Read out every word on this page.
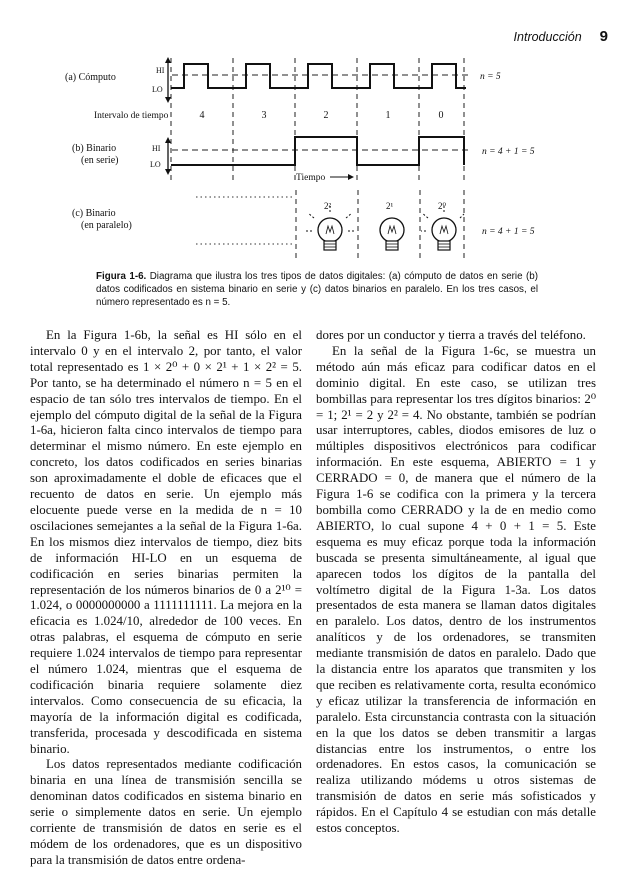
Introducción 9
(a) Cómputo
HI
LO
n = 5
Intervalo de tiempo	4	3	2	1	0
(b) Binario
(en serie)
HI
LO
n = 4 + 1 = 5
Tiempo
(c) Binario
(en paralelo)
2²	2¹	2⁰
n = 4 + 1 = 5
Figura 1-6. Diagrama que ilustra los tres tipos de datos digitales: (a) cómputo de datos en serie (b) datos codificados en sistema binario en serie y (c) datos binarios en paralelo. En los tres casos, el número representado es n = 5.

En la Figura 1-6b, la señal es HI sólo en el intervalo 0 y en el intervalo 2, por tanto, el valor total representado es 1 × 2⁰ + 0 × 2¹ + 1 × 2² = 5. Por tanto, se ha determinado el número n = 5 en el espacio de tan sólo tres intervalos de tiempo. En el ejemplo del cómputo digital de la señal de la Figura 1-6a, hicieron falta cinco intervalos de tiempo para determinar el mismo número. En este ejemplo en concreto, los datos codificados en series binarias son aproximadamente el doble de eficaces que el recuento de datos en serie. Un ejemplo más elocuente puede verse en la medida de n = 10 oscilaciones semejantes a la señal de la Figura 1-6a. En los mismos diez intervalos de tiempo, diez bits de información HI-LO en un esquema de codificación en series binarias permiten la representación de los números binarios de 0 a 2¹⁰ = 1.024, o 0000000000 a 1111111111. La mejora en la eficacia es 1.024/10, alrededor de 100 veces. En otras palabras, el esquema de cómputo en serie requiere 1.024 intervalos de tiempo para representar el número 1.024, mientras que el esquema de codificación binaria requiere solamente diez intervalos. Como consecuencia de su eficacia, la mayoría de la información digital es codificada, transferida, procesada y descodificada en sistema binario.

Los datos representados mediante codificación binaria en una línea de transmisión sencilla se denominan datos codificados en sistema binario en serie o simplemente datos en serie. Un ejemplo corriente de transmisión de datos en serie es el módem de los ordenadores, que es un dispositivo para la transmisión de datos entre ordena-

dores por un conductor y tierra a través del teléfono.

En la señal de la Figura 1-6c, se muestra un método aún más eficaz para codificar datos en el dominio digital. En este caso, se utilizan tres bombillas para representar los tres dígitos binarios: 2⁰ = 1; 2¹ = 2 y 2² = 4. No obstante, también se podrían usar interruptores, cables, diodos emisores de luz o múltiples dispositivos electrónicos para codificar información. En este esquema, ABIERTO = 1 y CERRADO = 0, de manera que el número de la Figura 1-6 se codifica con la primera y la tercera bombilla como CERRADO y la de en medio como ABIERTO, lo cual supone 4 + 0 + 1 = 5. Este esquema es muy eficaz porque toda la información buscada se presenta simultáneamente, al igual que aparecen todos los dígitos de la pantalla del voltímetro digital de la Figura 1-3a. Los datos presentados de esta manera se llaman datos digitales en paralelo. Los datos, dentro de los instrumentos analíticos y de los ordenadores, se transmiten mediante transmisión de datos en paralelo. Dado que la distancia entre los aparatos que transmiten y los que reciben es relativamente corta, resulta económico y eficaz utilizar la transferencia de información en paralelo. Esta circunstancia contrasta con la situación en la que los datos se deben transmitir a largas distancias entre los instrumentos, o entre los ordenadores. En estos casos, la comunicación se realiza utilizando módems u otros sistemas de transmisión de datos en serie más sofisticados y rápidos. En el Capítulo 4 se estudian con más detalle estos conceptos.
